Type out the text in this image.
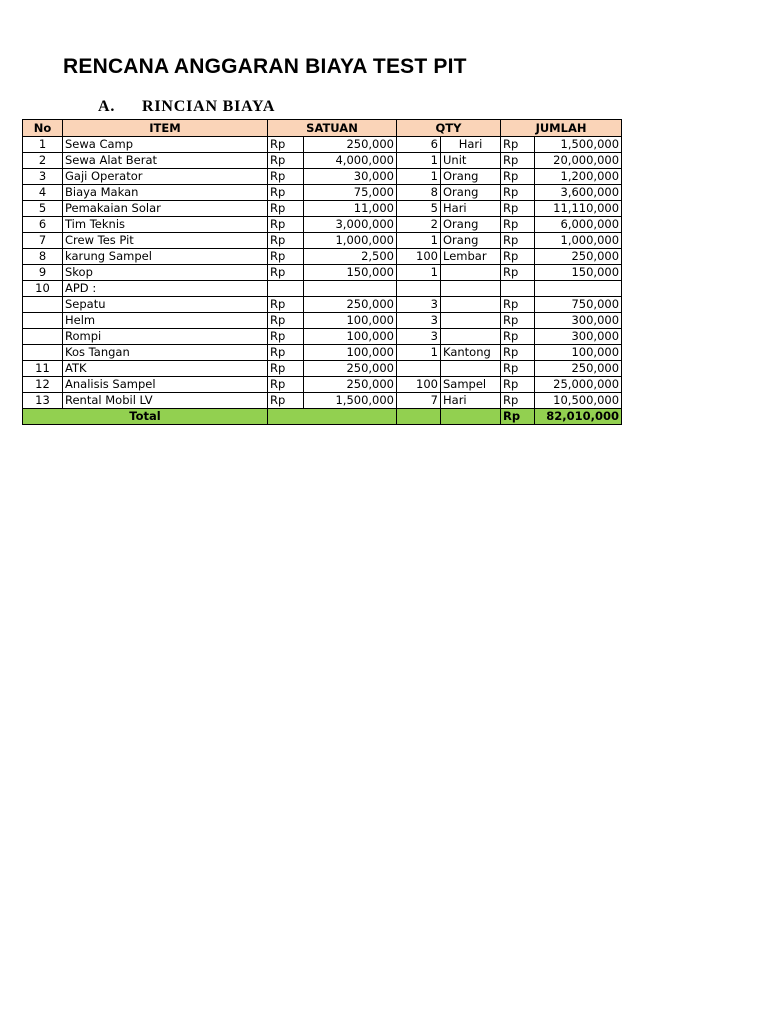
RENCANA ANGGARAN BIAYA TEST PIT
A. RINCIAN BIAYA
No	ITEM	SATUAN		QTY		JUMLAH	
1	Sewa Camp	Rp	250,000	6	Hari	Rp	1,500,000
2	Sewa Alat Berat	Rp	4,000,000	1	Unit	Rp	20,000,000
3	Gaji Operator	Rp	30,000	1	Orang	Rp	1,200,000
4	Biaya Makan	Rp	75,000	8	Orang	Rp	3,600,000
5	Pemakaian Solar	Rp	11,000	5	Hari	Rp	11,110,000
6	Tim Teknis	Rp	3,000,000	2	Orang	Rp	6,000,000
7	Crew Tes Pit	Rp	1,000,000	1	Orang	Rp	1,000,000
8	karung Sampel	Rp	2,500	100	Lembar	Rp	250,000
9	Skop	Rp	150,000	1		Rp	150,000
10	APD :						
	Sepatu	Rp	250,000	3		Rp	750,000
	Helm	Rp	100,000	3		Rp	300,000
	Rompi	Rp	100,000	3		Rp	300,000
	Kos Tangan	Rp	100,000	1	Kantong	Rp	100,000
11	ATK	Rp	250,000			Rp	250,000
12	Analisis Sampel	Rp	250,000	100	Sampel	Rp	25,000,000
13	Rental Mobil LV	Rp	1,500,000	7	Hari	Rp	10,500,000
Total						Rp	82,010,000
